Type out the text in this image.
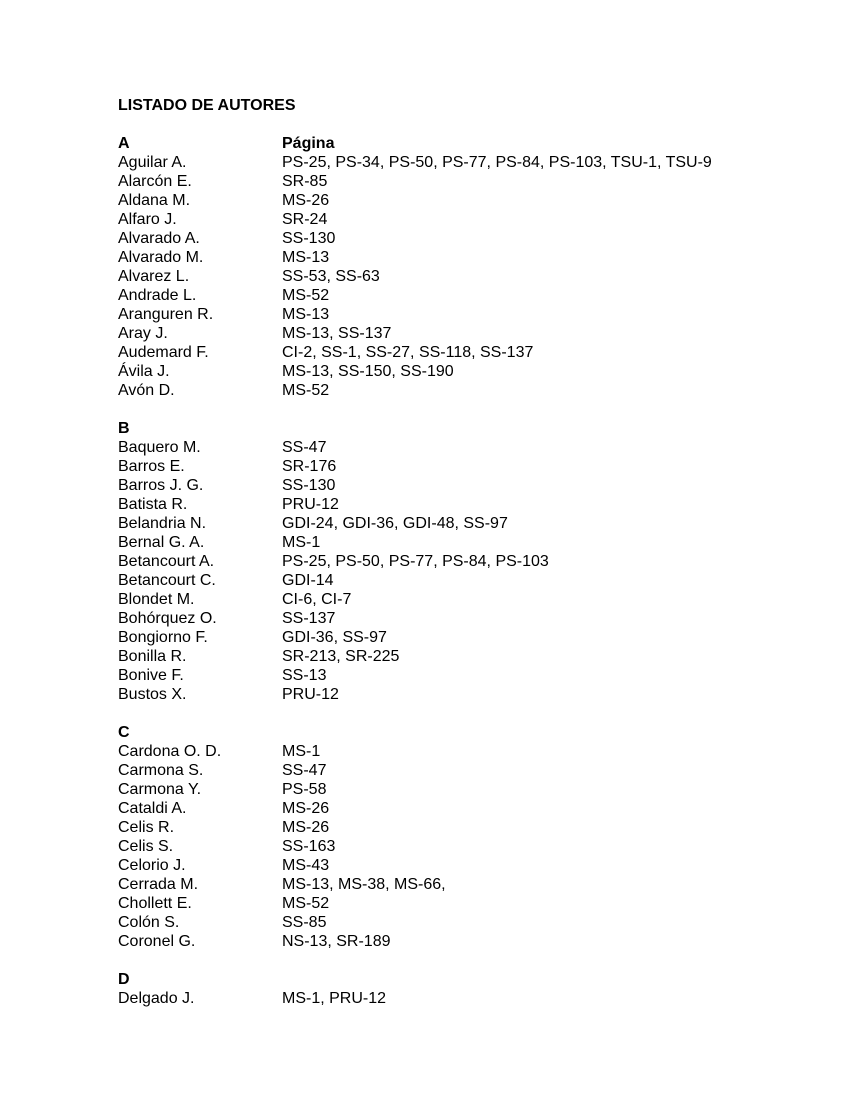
LISTADO DE AUTORES
A	Página
Aguilar A.	PS-25, PS-34, PS-50, PS-77, PS-84, PS-103, TSU-1, TSU-9
Alarcón E.	SR-85
Aldana M.	MS-26
Alfaro J.	SR-24
Alvarado A.	SS-130
Alvarado M.	MS-13
Alvarez L.	SS-53, SS-63
Andrade L.	MS-52
Aranguren R.	MS-13
Aray J.	MS-13, SS-137
Audemard F.	CI-2, SS-1, SS-27, SS-118, SS-137
Ávila J.	MS-13, SS-150, SS-190
Avón D.	MS-52
B
Baquero M.	SS-47
Barros E.	SR-176
Barros J. G.	SS-130
Batista R.	PRU-12
Belandria N.	GDI-24, GDI-36, GDI-48, SS-97
Bernal G. A.	MS-1
Betancourt A.	PS-25, PS-50, PS-77, PS-84, PS-103
Betancourt C.	GDI-14
Blondet M.	CI-6, CI-7
Bohórquez O.	SS-137
Bongiorno F.	GDI-36, SS-97
Bonilla R.	SR-213, SR-225
Bonive F.	SS-13
Bustos X.	PRU-12
C
Cardona O. D.	MS-1
Carmona S.	SS-47
Carmona Y.	PS-58
Cataldi A.	MS-26
Celis R.	MS-26
Celis S.	SS-163
Celorio J.	MS-43
Cerrada M.	MS-13, MS-38, MS-66,
Chollett E.	MS-52
Colón S.	SS-85
Coronel G.	NS-13, SR-189
D
Delgado J.	MS-1, PRU-12
